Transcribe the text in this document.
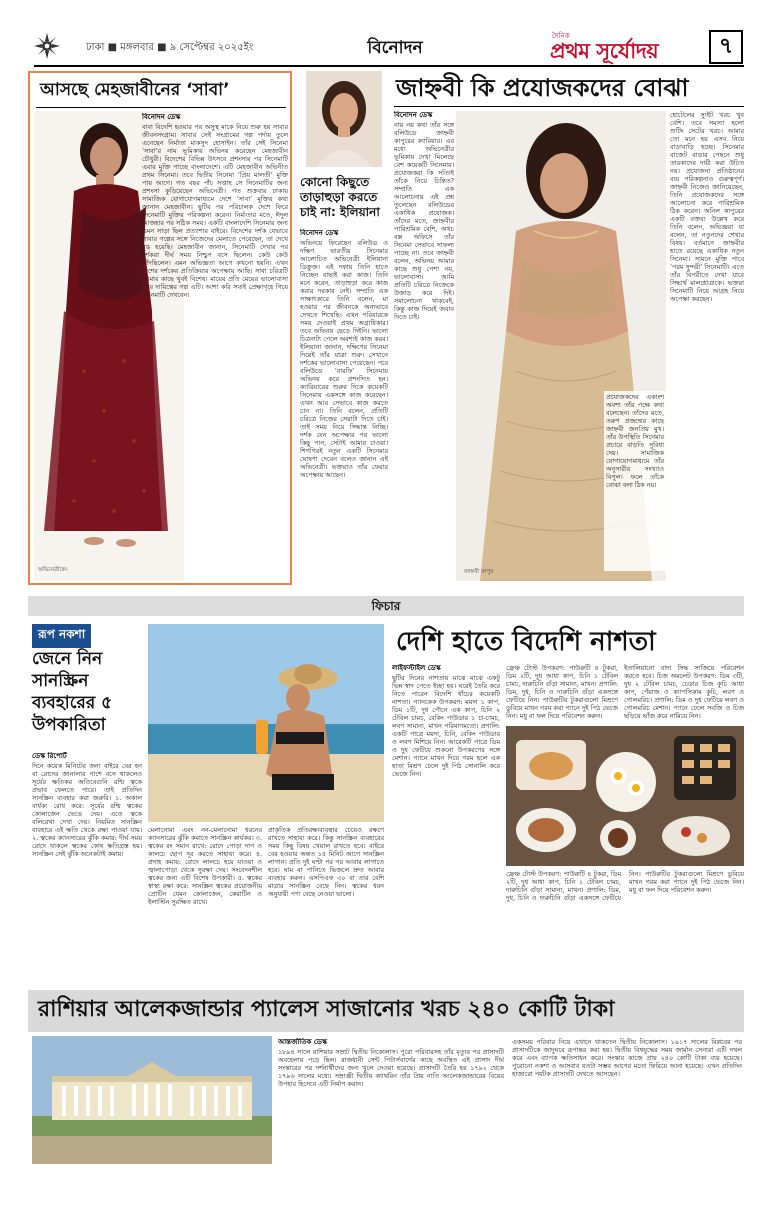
ঢাকা ■ মঙ্গলবার ■ ৯ সেপ্টেম্বর ২০২৫ইং	বিনোদন
দৈনিক
প্রথম সূর্যোদয়	৭
আসছে মেহজাবীনের ‘সাবা’
অভিনেত্রীকে।
বিনোদন ডেস্ক
বাবা বিদেশি হওয়ার পর অসুস্থ মাকে নিয়ে শুরু হয় সাবার জীবনসংগ্রাম। সাবার সেই সংগ্রামের গল্প পর্দায় তুলে এনেছেন নির্মাতা মাকসুদ হোসাইন। তাঁর সেই সিনেমা ‘সাবা’র নাম ভূমিকায় অভিনয় করেছেন মেহজাবীন চৌধুরী। বিদেশের বিভিন্ন উৎসবে প্রশংসার পর সিনেমাটি এবার মুক্তি পাচ্ছে বাংলাদেশে। এটি মেহজাবীন অভিনীত প্রথম সিনেমা। তবে দ্বিতীয় সিনেমা ‘প্রিয় মালতী’ মুক্তি পায় আগে। গত বছর পাঁচ সপ্তাহ সে সিনেমাটির জন্য প্রশংসা কুড়িয়েছেন অভিনেত্রী। গত শুক্রবার ঢাকায় সামাজিক যোগাযোগমাধ্যমে দেশে ‘সাবা’ মুক্তির কথা জানান মেহজাবীন। ছুটির পর পরিচালক দেশে ফিরে সিনেমাটি মুক্তির পরিকল্পনা করেন। নির্মাতার মতে, ঈদুল আজহার পর সঠিক সময়। একটি বাংলাদেশি সিনেমার জন্য এমন সাড়া ছিল প্রত্যাশার বাইরে। বিদেশের দর্শক যেভাবে সাবার গল্পের সঙ্গে নিজেদের মেলাতে পেরেছেন, তা দেখে মুগ্ধ হয়েছি। মেহজাবীন জানান, সিনেমাটি দেখার পর দর্শকরা দীর্ঘ সময় নিশ্চুপ বসে ছিলেন। কেউ কেউ কাঁদছিলেন। এমন অভিজ্ঞতা আগে কখনো হয়নি। এখন দেশের দর্শকের প্রতিক্রিয়ার অপেক্ষায় আছি। সাবা চরিত্রটি আমার কাছে খুবই বিশেষ। মায়ের প্রতি মেয়ের ভালোবাসা আর দায়িত্বের গল্প এটি। আশা করি সবাই প্রেক্ষাগৃহে গিয়ে সিনেমাটি দেখবেন।
কোনো কিছুতে তাড়াহুড়া করতে চাই না: ইলিয়ানা
বিনোদন ডেস্ক
অভিনয়ে ফিরেছেন বলিউড ও দক্ষিণ ভারতীয় সিনেমার আলোচিত অভিনেত্রী ইলিয়ানা ডিক্রুজ। এই দফায় তিনি হাতে নিচ্ছেন বাছাই করা কাজ। তিনি মনে করেন, তাড়াহুড়া করে কাজ করার দরকার নেই। সম্প্রতি এক সাক্ষাৎকারে তিনি বলেন, মা হওয়ার পর জীবনকে অন্যভাবে দেখতে শিখেছি। এখন পরিবারকে সময় দেওয়াই প্রথম অগ্রাধিকার। তবে অভিনয় ছেড়ে দিইনি। ভালো চিত্রনাট্য পেলে অবশ্যই কাজ করব। ইলিয়ানা জানান, দক্ষিণের সিনেমা দিয়েই তাঁর যাত্রা শুরু। সেখানে দর্শকের ভালোবাসা পেয়েছেন। পরে বলিউডে ‘বারফি’ সিনেমায় অভিনয় করে প্রশংসিত হন। ক্যারিয়ারের শুরুর দিকে কয়েকটি সিনেমায় একসঙ্গে কাজ করেছেন। এখন আর সেভাবে কাজ করতে চান না। তিনি বলেন, প্রতিটি চরিত্রে নিজের সেরাটা দিতে চাই। তাই সময় নিয়ে সিদ্ধান্ত নিচ্ছি। দর্শক যেন অপেক্ষার পর ভালো কিছু পান, সেটাই আমার চাওয়া। শিগগিরই নতুন একটি সিনেমার ঘোষণা দেবেন বলেও জানান এই অভিনেত্রী। ভক্তরাও তাঁর ফেরার অপেক্ষায় আছেন।
জাহ্নবী কি প্রযোজকদের বোঝা
বিনোদন ডেস্ক
নায় নয় কথা তাঁর সঙ্গে বলিউডে জাহ্নবী কাপুরের ক্যারিয়ার। এর মধ্যে অভিনেত্রীর ভূমিকায় দেখা মিলেছে বেশ কয়েকটি সিনেমায়। প্রযোজকরা কি সত্যিই তাঁকে নিয়ে চিন্তিত? সম্প্রতি এক আলোচনায় এই প্রশ্ন তুলেছেন বলিউডের একাধিক প্রযোজক। তাঁদের মতে, জাহ্নবীর পারিশ্রমিক বেশি, অথচ বক্স অফিসে তাঁর সিনেমা সেভাবে সাফল্য পাচ্ছে না। তবে জাহ্নবী বলেন, অভিনয় আমার কাছে শুধু পেশা নয়, ভালোবাসা। আমি প্রতিটি চরিত্রে নিজেকে উজাড় করে দিই। সমালোচনা থাকবেই, কিন্তু কাজ দিয়েই জবাব দিতে চাই।
জাহ্নবী কাপুর
প্রযোজকদের একাংশ অবশ্য তাঁর পক্ষে কথা বলেছেন। তাঁদের মতে, তরুণ প্রজন্মের কাছে জাহ্নবী জনপ্রিয় মুখ। তাঁর উপস্থিতি সিনেমার প্রচারে বাড়তি সুবিধা দেয়। সামাজিক যোগাযোগমাধ্যমে তাঁর অনুসারীর সংখ্যাও বিপুল। ফলে তাঁকে বোঝা বলা ঠিক নয়।
হোটেলের স্যুইট খরচ খুব বেশি। তবে সমস্যা হলো শুটিং সেটের খরচ। আমার তো মনে হয় এসব নিয়ে বাড়াবাড়ি হচ্ছে। সিনেমার বাজেট বাড়ার পেছনে শুধু তারকাদের দায়ী করা উচিত নয়। প্রযোজনা প্রতিষ্ঠানের ব্যয় পরিকল্পনাও গুরুত্বপূর্ণ। জাহ্নবী নিজেও জানিয়েছেন, তিনি প্রযোজকদের সঙ্গে আলোচনা করে পারিশ্রমিক ঠিক করেন। অনিল কাপুরের একটি বক্তব্য উল্লেখ করে তিনি বলেন, অভিজ্ঞরা যা বলেন, তা নতুনদের শেখার বিষয়। বর্তমানে জাহ্নবীর হাতে রয়েছে একাধিক নতুন সিনেমা। সামনে মুক্তি পাবে ‘পরম সুন্দরী’ সিনেমাটি। এতে তাঁর বিপরীতে দেখা যাবে সিদ্ধার্থ মালহোত্রাকে। ভক্তরা সিনেমাটি নিয়ে আগ্রহ নিয়ে অপেক্ষা করছেন।
ফিচার
রূপ নকশা
জেনে নিন সানস্ক্রিন ব্যবহারের ৫ উপকারিতা
ডেস্ক রিপোর্ট
দিনে কয়েক মিনিটের জন্য বাইরে বের হন বা রোদের জানালার পাশে বসে থাকলেও সূর্যের ক্ষতিকর অতিবেগুনি রশ্মি ত্বকে প্রভাব ফেলতে পারে। তাই প্রতিদিন সানস্ক্রিন ব্যবহার করা জরুরি। ১. অকাল বার্ধক্য রোধ করে: সূর্যের রশ্মি ত্বকের কোলাজেন ভেঙে দেয়। এতে ত্বকে বলিরেখা দেখা দেয়। নিয়মিত সানস্ক্রিন ব্যবহারে এই ক্ষতি থেকে রক্ষা পাওয়া যায়। ২. ত্বকের ক্যানসারের ঝুঁকি কমায়: দীর্ঘ সময় রোদে থাকলে ত্বকের কোষ ক্ষতিগ্রস্ত হয়। সানস্ক্রিন সেই ঝুঁকি অনেকটাই কমায়।
মেলানোমা এবং নন-মেলানোমা ধরনের ক্যানসারের ঝুঁকি কমাতে সানস্ক্রিন কার্যকর। ৩. ত্বকের রং সমান রাখে: রোদে পোড়া দাগ ও কালচে ছোপ দূর করতে সাহায্য করে। ৪. প্রদাহ কমায়: রোদে লালচে হয়ে যাওয়া ও জ্বালাপোড়া থেকে সুরক্ষা দেয়। সংবেদনশীল ত্বকের জন্য এটি বিশেষ উপকারী। ৫. ত্বকের স্বাস্থ্য রক্ষা করে: সানস্ক্রিন ত্বকের প্রয়োজনীয় প্রোটিন যেমন কোলাজেন, কেরাটিন ও ইলাস্টিন সুরক্ষিত রাখে।
প্রাকৃতিক প্রতিরক্ষাব্যবস্থার চেয়েও রক্ষণে রাখতে সাহায্য করে। কিন্তু সানস্ক্রিন ব্যবহারের সময় কিছু বিষয় খেয়াল রাখতে হবে। বাইরে বের হওয়ার অন্তত ১৫ মিনিট আগে সানস্ক্রিন লাগান। প্রতি দুই ঘণ্টা পর পর আবার লাগাতে হবে। ঘাম বা পানিতে ভিজলে দ্রুত আবার ব্যবহার করুন। এসপিএফ ৩০ বা তার বেশি মাত্রার সানস্ক্রিন বেছে নিন। ত্বকের ধরন অনুযায়ী পণ্য বেছে নেওয়া ভালো।
দেশি হাতে বিদেশি নাশতা
লাইফস্টাইল ডেস্ক
ছুটির দিনের নাশতায় মাঝে মাঝে একটু ভিন্ন স্বাদ পেতে ইচ্ছা হয়। ঘরেই তৈরি করে নিতে পারেন বিদেশি ধাঁচের কয়েকটি নাশতা। প্যানকেক উপকরণ: ময়দা ১ কাপ, ডিম ১টি, দুধ পৌনে এক কাপ, চিনি ২ টেবিল চামচ, বেকিং পাউডার ১ চা-চামচ, লবণ সামান্য, মাখন পরিমাণমতো। প্রণালি: একটি পাত্রে ময়দা, চিনি, বেকিং পাউডার ও লবণ মিশিয়ে নিন। আরেকটি পাত্রে ডিম ও দুধ ফেটিয়ে শুকনো উপকরণের সঙ্গে মেশান। প্যানে মাখন দিয়ে গরম হলে এক হাতা মিশ্রণ ঢেলে দুই পিঠ সোনালি করে ভেজে নিন।
ফ্রেঞ্চ টোস্ট উপকরণ: পাউরুটি ৪ টুকরা, ডিম ২টি, দুধ আধা কাপ, চিনি ১ টেবিল চামচ, দারুচিনি গুঁড়া সামান্য, মাখন। প্রণালি: ডিম, দুধ, চিনি ও দারুচিনি গুঁড়া একসঙ্গে ফেটিয়ে নিন। পাউরুটির টুকরাগুলো মিশ্রণে ডুবিয়ে মাখন গরম করা প্যানে দুই পিঠ ভেজে নিন। মধু বা ফল দিয়ে পরিবেশন করুন।
ইতালিয়ানো বাদা সিদ্ধ সাজিয়ে পরিবেশন করতে হবে। চিজ অমলেট উপকরণ: ডিম ৩টি, দুধ ২ টেবিল চামচ, চেডার চিজ কুচি আধা কাপ, পেঁয়াজ ও ক্যাপসিকাম কুচি, লবণ ও গোলমরিচ। প্রণালি: ডিম ও দুধ ফেটিয়ে লবণ ও গোলমরিচ মেশান। প্যানে ঢেলে সবজি ও চিজ ছড়িয়ে ভাঁজ করে নামিয়ে নিন।
ফ্রেঞ্চ টোস্ট উপকরণ: পাউরুটি ৪ টুকরা, ডিম ২টি, দুধ আধা কাপ, চিনি ১ টেবিল চামচ, দারুচিনি গুঁড়া সামান্য, মাখন। প্রণালি: ডিম, দুধ, চিনি ও দারুচিনি গুঁড়া একসঙ্গে ফেটিয়ে নিন। পাউরুটির টুকরাগুলো মিশ্রণে ডুবিয়ে মাখন গরম করা প্যানে দুই পিঠ ভেজে নিন। মধু বা ফল দিয়ে পরিবেশন করুন।
রাশিয়ার আলেকজান্ডার প্যালেস সাজানোর খরচ ২৪০ কোটি টাকা
আন্তর্জাতিক ডেস্ক
১৮৯৪ সালে রাশিয়ার সম্রাট দ্বিতীয় নিকোলাস। পুরো পরিবারসহ তাঁর মৃত্যুর পর প্রাসাদটি অবহেলায় পড়ে ছিল। রাজধানী সেন্ট পিটার্সবার্গের কাছে অবস্থিত এই প্রাসাদ দীর্ঘ সংস্কারের পর দর্শনার্থীদের জন্য খুলে দেওয়া হয়েছে। প্রাসাদটি তৈরি হয় ১৭৯২ থেকে ১৭৯৬ সালের মধ্যে। সম্রাজ্ঞী দ্বিতীয় ক্যাথরিন তাঁর প্রিয় নাতি আলেকজান্ডারের বিয়ের উপহার হিসেবে এটি নির্মাণ করান।
একসময় পরিবার নিয়ে এখানে থাকতেন দ্বিতীয় নিকোলাস। ১৯১৭ সালের বিপ্লবের পর প্রাসাদটিকে জাদুঘরে রূপান্তর করা হয়। দ্বিতীয় বিশ্বযুদ্ধের সময় জার্মান সেনারা এটি দখল করে এবং ব্যাপক ক্ষতিসাধন করে। সংস্কার কাজে প্রায় ২৪০ কোটি টাকা ব্যয় হয়েছে। পুরোনো নকশা ও আসবাব যতটা সম্ভব আগের মতো ফিরিয়ে আনা হয়েছে। এখন প্রতিদিন হাজারো পর্যটক প্রাসাদটি দেখতে আসছেন।
